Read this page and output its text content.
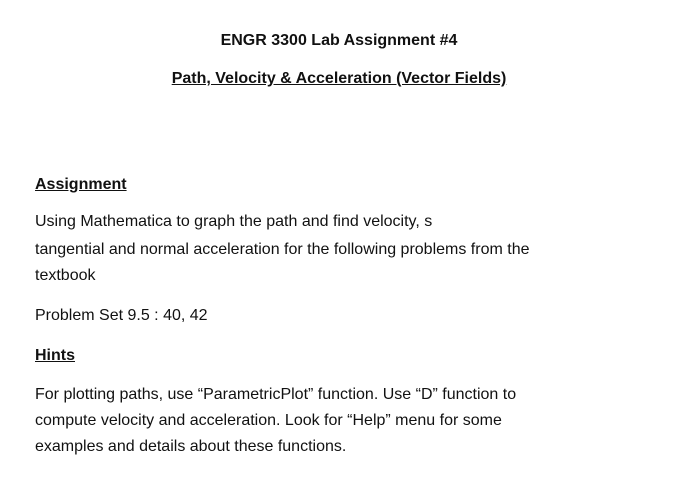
ENGR 3300 Lab Assignment #4
Path, Velocity & Acceleration (Vector Fields)
Assignment
Using Mathematica to graph the path and find velocity, s
tangential and normal acceleration for the following problems from the
textbook
Problem Set 9.5 : 40, 42
Hints
For plotting paths, use “ParametricPlot” function. Use “D” function to
compute velocity and acceleration. Look for “Help” menu for some
examples and details about these functions.
